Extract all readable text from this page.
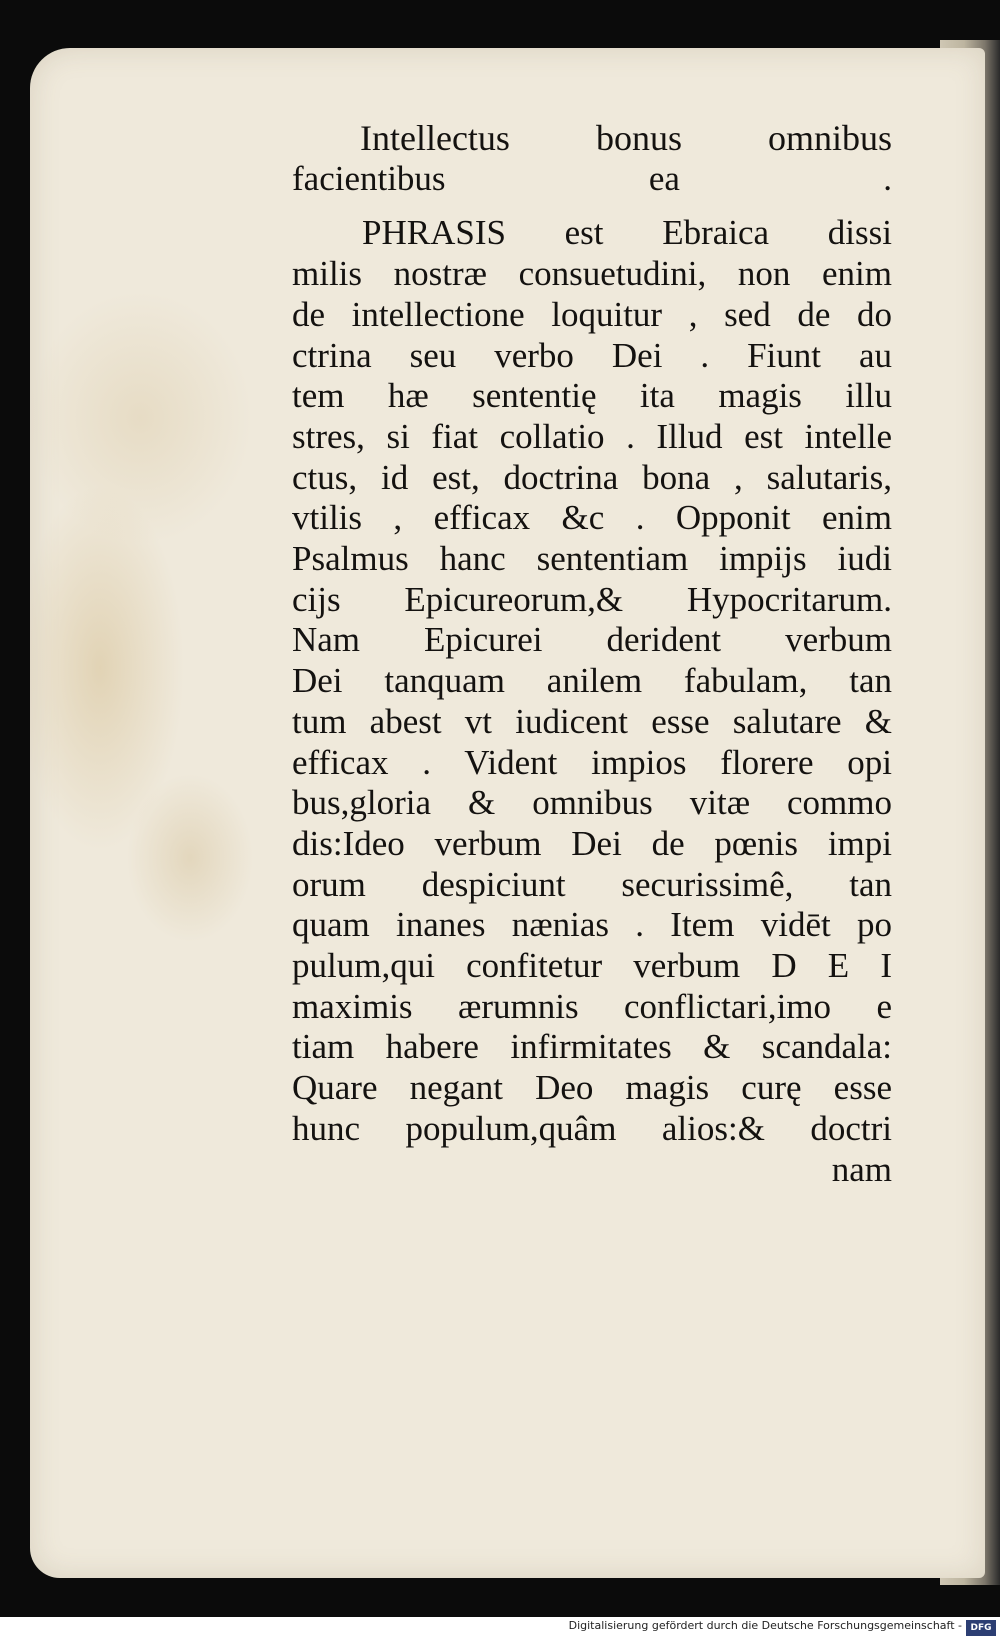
Intellectus bonus omnibus
facientibus ea .
PHRASIS est Ebraica dissi
milis nostræ consuetudini, non enim
de intellectione loquitur , sed de do
ctrina seu verbo Dei . Fiunt au
tem hæ sententię ita magis illu
stres, si fiat collatio . Illud est intelle
ctus, id est, doctrina bona , salutaris,
vtilis , efficax &c . Opponit enim
Psalmus hanc sententiam impijs iudi
cijs Epicureorum,& Hypocritarum.
Nam Epicurei derident verbum
Dei tanquam anilem fabulam, tan
tum abest vt iudicent esse salutare &
efficax . Vident impios florere opi
bus,gloria & omnibus vitæ commo
dis:Ideo verbum Dei de pœnis impi
orum despiciunt securissimê, tan
quam inanes nænias . Item vidēt po
pulum,qui confitetur verbum D E I
maximis ærumnis conflictari,imo e
tiam habere infirmitates & scandala:
Quare negant Deo magis curę esse
hunc populum,quâm alios:& doctri
nam
Digitalisierung gefördert durch die Deutsche Forschungsgemeinschaft - DFG
